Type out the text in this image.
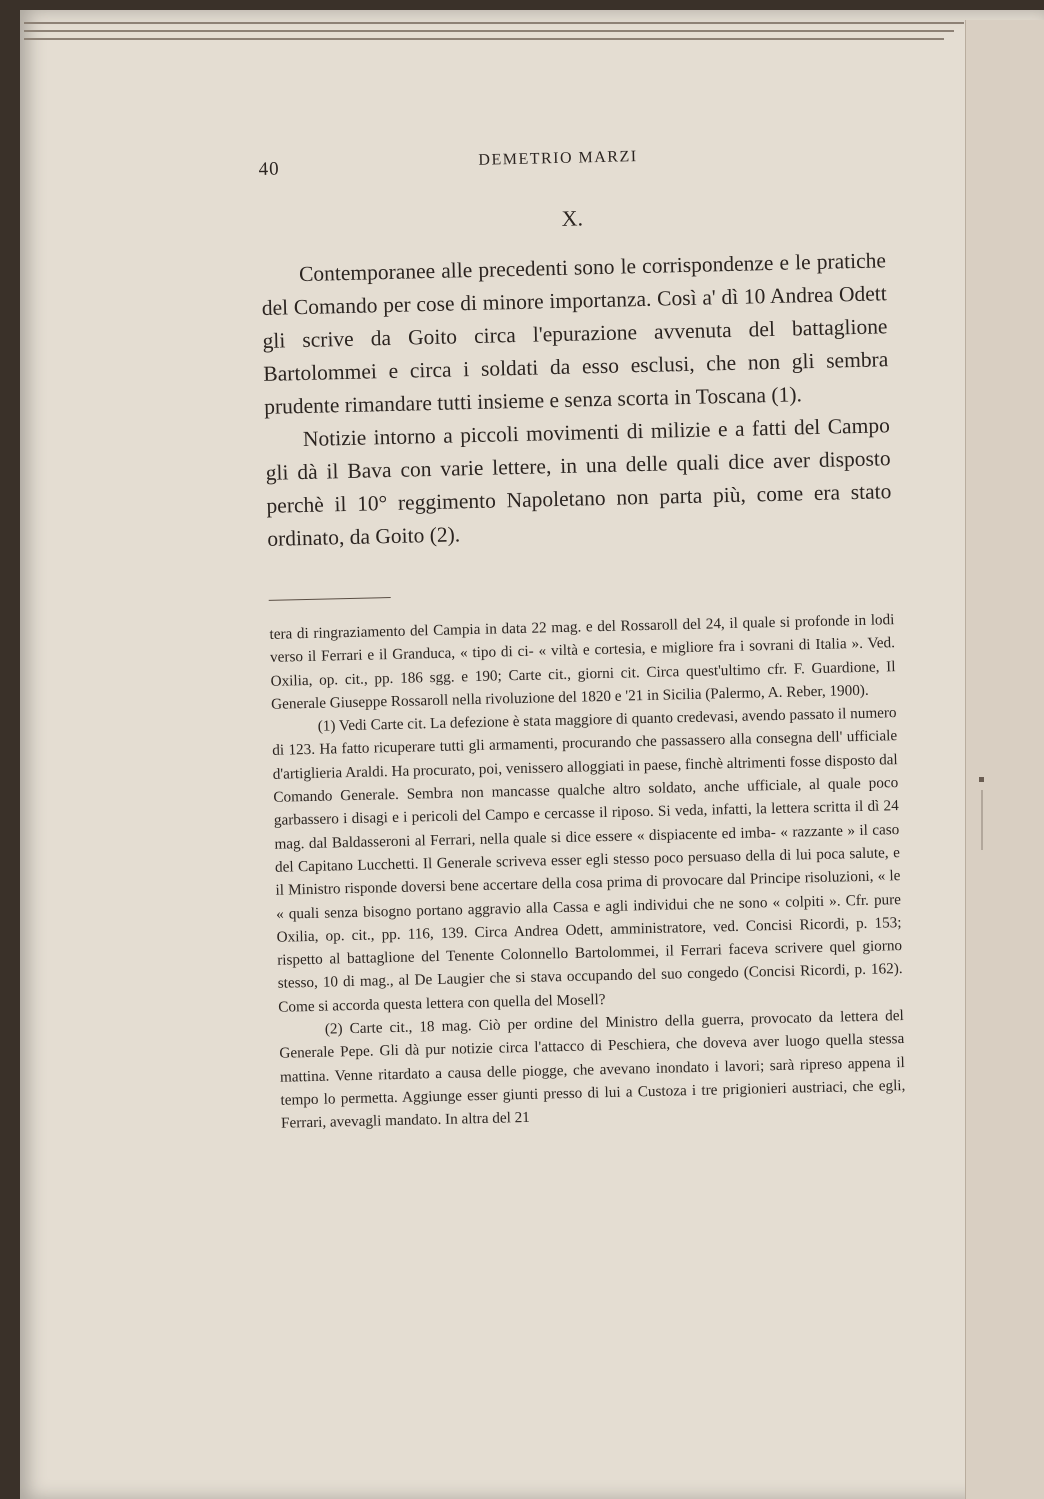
40
DEMETRIO MARZI
X.

Contemporanee alle precedenti sono le corrispondenze e le pratiche del Comando per cose di minore importanza. Così a' dì 10 Andrea Odett gli scrive da Goito circa l'epurazione avvenuta del battaglione Bartolommei e circa i soldati da esso esclusi, che non gli sembra prudente rimandare tutti insieme e senza scorta in Toscana (1).

Notizie intorno a piccoli movimenti di milizie e a fatti del Campo gli dà il Bava con varie lettere, in una delle quali dice aver disposto perchè il 10° reggimento Napoletano non parta più, come era stato ordinato, da Goito (2).

tera di ringraziamento del Campia in data 22 mag. e del Rossaroll del 24, il quale si profonde in lodi verso il Ferrari e il Granduca, « tipo di ci- « viltà e cortesia, e migliore fra i sovrani di Italia ». Ved. Oxilia, op. cit., pp. 186 sgg. e 190; Carte cit., giorni cit. Circa quest'ultimo cfr. F. Guardione, Il Generale Giuseppe Rossaroll nella rivoluzione del 1820 e '21 in Sicilia (Palermo, A. Reber, 1900).

(1) Vedi Carte cit. La defezione è stata maggiore di quanto credevasi, avendo passato il numero di 123. Ha fatto ricuperare tutti gli armamenti, procurando che passassero alla consegna dell' ufficiale d'artiglieria Araldi. Ha procurato, poi, venissero alloggiati in paese, finchè altrimenti fosse disposto dal Comando Generale. Sembra non mancasse qualche altro soldato, anche ufficiale, al quale poco garbassero i disagi e i pericoli del Campo e cercasse il riposo. Si veda, infatti, la lettera scritta il dì 24 mag. dal Baldasseroni al Ferrari, nella quale si dice essere « dispiacente ed imba- « razzante » il caso del Capitano Lucchetti. Il Generale scriveva esser egli stesso poco persuaso della di lui poca salute, e il Ministro risponde doversi bene accertare della cosa prima di provocare dal Principe risoluzioni, « le « quali senza bisogno portano aggravio alla Cassa e agli individui che ne sono « colpiti ». Cfr. pure Oxilia, op. cit., pp. 116, 139. Circa Andrea Odett, amministratore, ved. Concisi Ricordi, p. 153; rispetto al battaglione del Tenente Colonnello Bartolommei, il Ferrari faceva scrivere quel giorno stesso, 10 di mag., al De Laugier che si stava occupando del suo congedo (Concisi Ricordi, p. 162). Come si accorda questa lettera con quella del Mosell?

(2) Carte cit., 18 mag. Ciò per ordine del Ministro della guerra, provocato da lettera del Generale Pepe. Gli dà pur notizie circa l'attacco di Peschiera, che doveva aver luogo quella stessa mattina. Venne ritardato a causa delle piogge, che avevano inondato i lavori; sarà ripreso appena il tempo lo permetta. Aggiunge esser giunti presso di lui a Custoza i tre prigionieri austriaci, che egli, Ferrari, avevagli mandato. In altra del 21
